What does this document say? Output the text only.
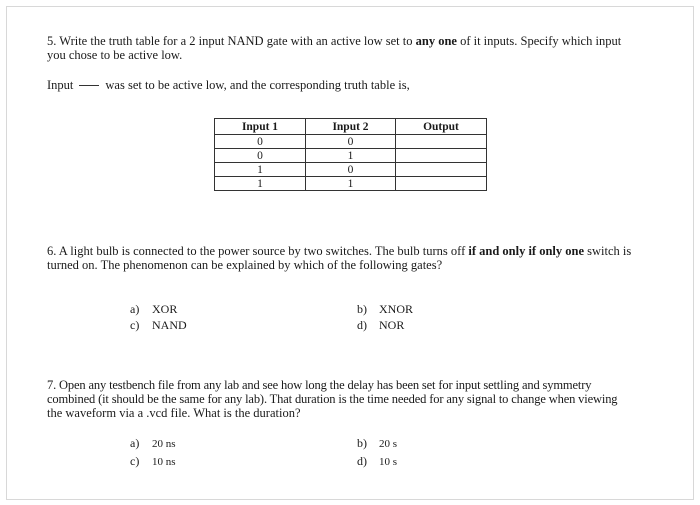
5. Write the truth table for a 2 input NAND gate with an active low set to any one of it inputs. Specify which input
you chose to be active low.
Input	was set to be active low, and the corresponding truth table is,
Input 1	Input 2	Output
0	0	
0	1	
1	0	
1	1	
6. A light bulb is connected to the power source by two switches. The bulb turns off if and only if only one switch is
turned on. The phenomenon can be explained by which of the following gates?
a) XOR	b) XNOR
c) NAND	d) NOR
7. Open any testbench file from any lab and see how long the delay has been set for input settling and symmetry
combined (it should be the same for any lab). That duration is the time needed for any signal to change when viewing
the waveform via a .vcd file. What is the duration?
a) 20 ns	b) 20 s
c) 10 ns	d) 10 s
